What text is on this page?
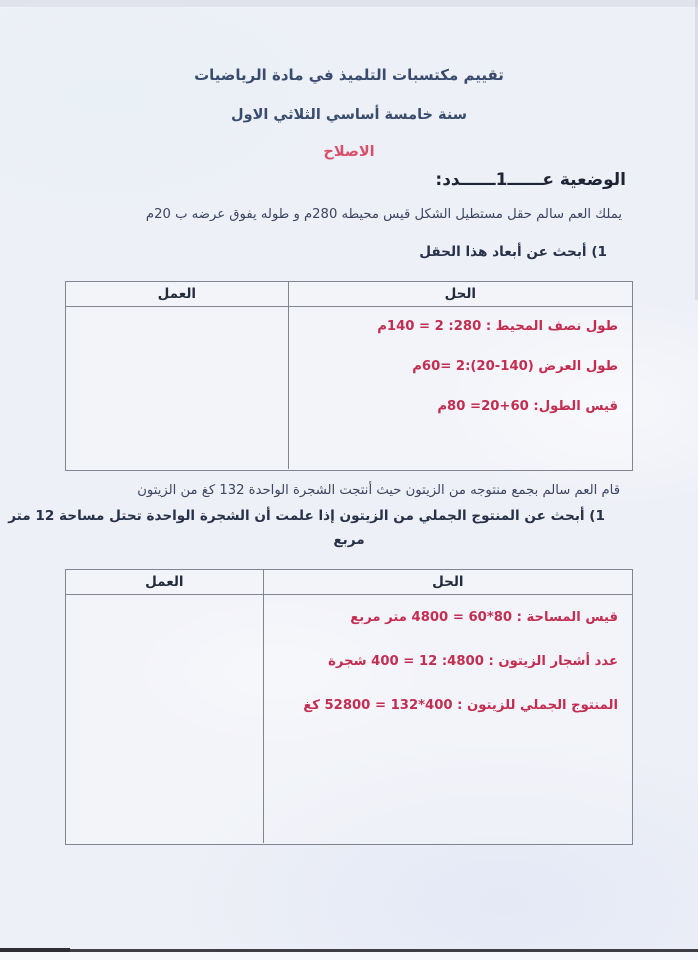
تقييم مكتسبات التلميذ في مادة الرياضيات
سنة خامسة أساسي الثلاثي الاول
الاصلاح
الوضعية عــــــ1ــــــدد:
يملك العم سالم حقل مستطيل الشكل قيس محيطه 280م و طوله يفوق عرضه ب 20م
1) أبحث عن أبعاد هذا الحقل
الحل
العمل
طول نصف المحيط : 280: 2 = 140م
طول العرض (140‏-‏20):2 =60م
قيس الطول: 60‏+‏20= 80م
قام العم سالم بجمع منتوجه من الزيتون حيث أنتجت الشجرة الواحدة 132 كغ من الزيتون
1) أبحث عن المنتوج الجملي من الزيتون إذا علمت أن الشجرة الواحدة تحتل مساحة 12 متر
مربع
الحل
العمل
قيس المساحة : 80*60 = 4800 متر مربع
عدد أشجار الزيتون : 4800: 12 = 400 شجرة
المنتوج الجملي للزيتون : 400*132 = 52800 كغ
